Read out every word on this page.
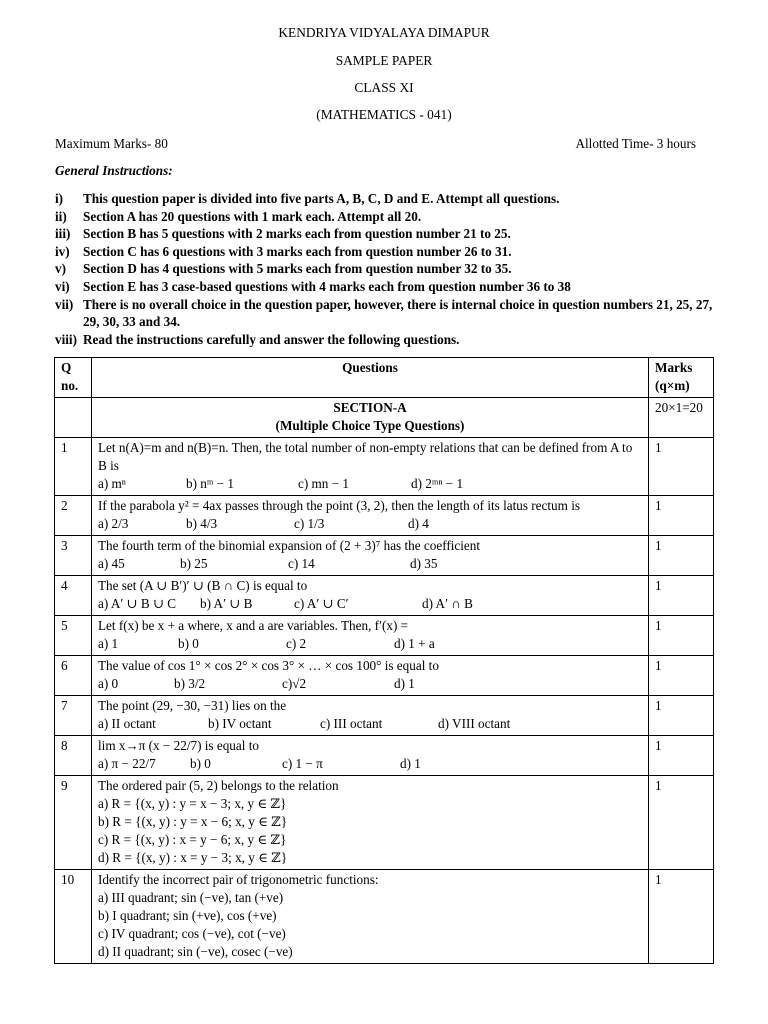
KENDRIYA VIDYALAYA DIMAPUR
SAMPLE PAPER
CLASS XI
(MATHEMATICS - 041)
Maximum Marks- 80	Allotted Time- 3 hours
General Instructions:
i)	This question paper is divided into five parts A, B, C, D and E. Attempt all questions.
ii)	Section A has 20 questions with 1 mark each. Attempt all 20.
iii) Section B has 5 questions with 2 marks each from question number 21 to 25.
iv)	Section C has 6 questions with 3 marks each from question number 26 to 31.
v)	Section D has 4 questions with 5 marks each from question number 32 to 35.
vi)	Section E has 3 case-based questions with 4 marks each from question number 36 to 38
vii) There is no overall choice in the question paper, however, there is internal choice in question numbers 21, 25, 27, 29, 30, 33 and 34.
viii) Read the instructions carefully and answer the following questions.
Q no.	Questions	Marks (q×m)

	SECTION-A
(Multiple Choice Type Questions)	20×1=20
1	Let n(A)=m and n(B)=n. Then, the total number of non-empty relations that can be defined from A to B is
a) mⁿ b) nᵐ − 1 c) mn − 1 d) 2ᵐⁿ − 1	1
2	If the parabola y² = 4ax passes through the point (3, 2), then the length of its latus rectum is
a) 2/3 b) 4/3 c) 1/3 d) 4	1
3	The fourth term of the binomial expansion of (2 + 3)⁷ has the coefficient
a) 45 b) 25 c) 14 d) 35	1
4	The set (A ∪ B′)′ ∪ (B ∩ C) is equal to
a) A′ ∪ B ∪ C b) A′ ∪ B c) A′ ∪ C′ d) A′ ∩ B	1
5	Let f(x) be x + a where, x and a are variables. Then, f′(x) =
a) 1 b) 0 c) 2 d) 1 + a	1
6	The value of cos 1° × cos 2° × cos 3° × … × cos 100° is equal to
a) 0 b) 3/2 c)√2 d) 1	1
7	The point (29, −30, −31) lies on the
a) II octant b) IV octant c) III octant d) VIII octant	1
8	lim x→π (x − 22/7) is equal to
a) π − 22/7 b) 0 c) 1 − π d) 1	1
9	The ordered pair (5, 2) belongs to the relation
a) R = {(x, y) : y = x − 3; x, y ∈ ℤ}
b) R = {(x, y) : y = x − 6; x, y ∈ ℤ}
c) R = {(x, y) : x = y − 6; x, y ∈ ℤ}
d) R = {(x, y) : x = y − 3; x, y ∈ ℤ}	1
10	Identify the incorrect pair of trigonometric functions:
a) III quadrant; sin (−ve), tan (+ve)
b) I quadrant; sin (+ve), cos (+ve)
c) IV quadrant; cos (−ve), cot (−ve)
d) II quadrant; sin (−ve), cosec (−ve)	1
